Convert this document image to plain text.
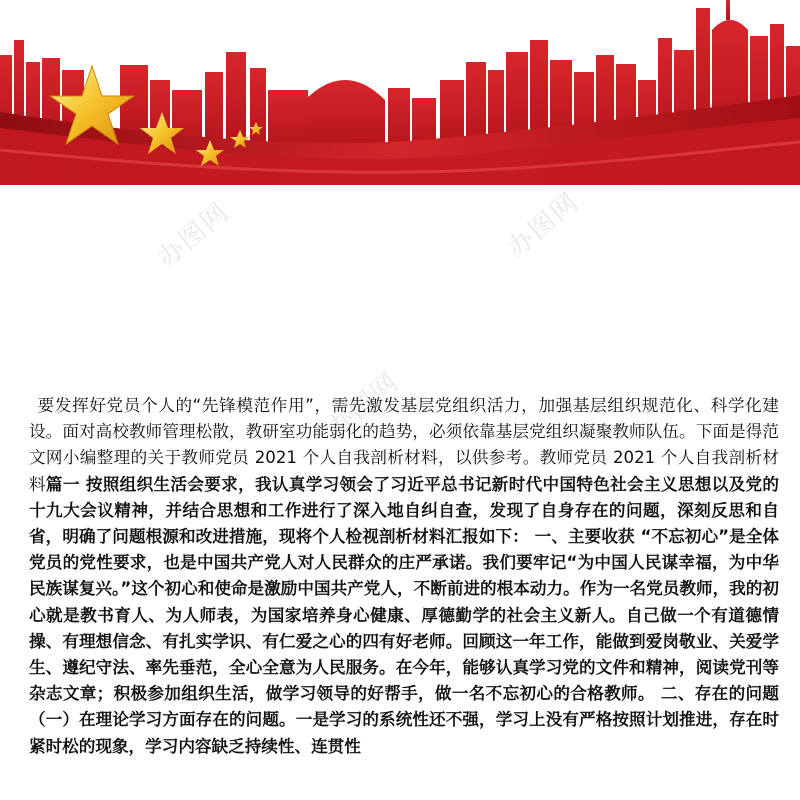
办图网	办图网
办图网
要发挥好党员个人的“先锋模范作用”，需先激发基层党组织活力，加强基层组织规范化、科学化建设。面对高校教师管理松散，教研室功能弱化的趋势，必须依靠基层党组织凝聚教师队伍。下面是得范文网小编整理的关于教师党员 2021 个人自我剖析材料，以供参考。教师党员 2021 个人自我剖析材料篇一 按照组织生活会要求，我认真学习领会了习近平总书记新时代中国特色社会主义思想以及党的十九大会议精神，并结合思想和工作进行了深入地自纠自查，发现了自身存在的问题，深刻反思和自省，明确了问题根源和改进措施，现将个人检视剖析材料汇报如下： 一、主要收获 “不忘初心”是全体党员的党性要求，也是中国共产党人对人民群众的庄严承诺。我们要牢记“为中国人民谋幸福，为中华民族谋复兴。”这个初心和使命是激励中国共产党人，不断前进的根本动力。作为一名党员教师，我的初心就是教书育人、为人师表，为国家培养身心健康、厚德勤学的社会主义新人。自己做一个有道德情操、有理想信念、有扎实学识、有仁爱之心的四有好老师。回顾这一年工作，能做到爱岗敬业、关爱学生、遵纪守法、率先垂范，全心全意为人民服务。在今年，能够认真学习党的文件和精神，阅读党刊等杂志文章；积极参加组织生活，做学习领导的好帮手，做一名不忘初心的合格教师。 二、存在的问题 （一）在理论学习方面存在的问题。一是学习的系统性还不强，学习上没有严格按照计划推进，存在时紧时松的现象，学习内容缺乏持续性、连贯性
